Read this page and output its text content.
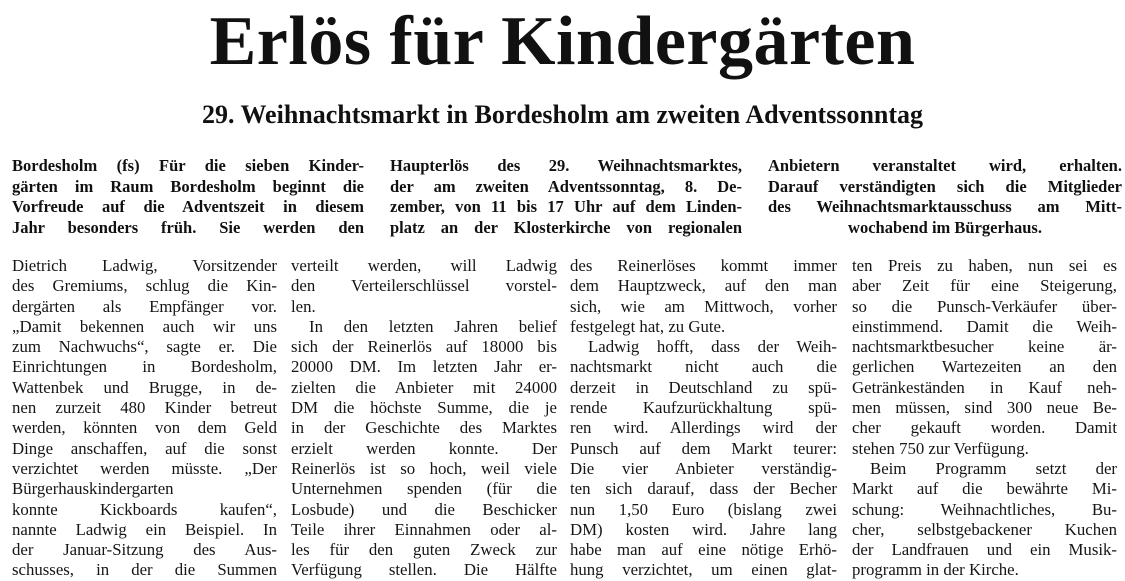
Erlös für Kindergärten
29. Weihnachtsmarkt in Bordesholm am zweiten Adventssonntag
Bordesholm (fs) Für die sieben Kinder-
gärten im Raum Bordesholm beginnt die
Vorfreude auf die Adventszeit in diesem
Jahr besonders früh. Sie werden den
Haupterlös des 29. Weihnachtsmarktes,
der am zweiten Adventssonntag, 8. De-
zember, von 11 bis 17 Uhr auf dem Linden-
platz an der Klosterkirche von regionalen
Anbietern veranstaltet wird, erhalten.
Darauf verständigten sich die Mitglieder
des Weihnachtsmarktausschuss am Mitt-
wochabend im Bürgerhaus.
Dietrich Ladwig, Vorsitzender
des Gremiums, schlug die Kin-
dergärten als Empfänger vor.
„Damit bekennen auch wir uns
zum Nachwuchs“, sagte er. Die
Einrichtungen in Bordesholm,
Wattenbek und Brugge, in de-
nen zurzeit 480 Kinder betreut
werden, könnten von dem Geld
Dinge anschaffen, auf die sonst
verzichtet werden müsste. „Der
Bürgerhauskindergarten
konnte Kickboards kaufen“,
nannte Ladwig ein Beispiel. In
der Januar-Sitzung des Aus-
schusses, in der die Summen
verteilt werden, will Ladwig
den Verteilerschlüssel vorstel-
len.
In den letzten Jahren belief
sich der Reinerlös auf 18000 bis
20000 DM. Im letzten Jahr er-
zielten die Anbieter mit 24000
DM die höchste Summe, die je
in der Geschichte des Marktes
erzielt werden konnte. Der
Reinerlös ist so hoch, weil viele
Unternehmen spenden (für die
Losbude) und die Beschicker
Teile ihrer Einnahmen oder al-
les für den guten Zweck zur
Verfügung stellen. Die Hälfte
des Reinerlöses kommt immer
dem Hauptzweck, auf den man
sich, wie am Mittwoch, vorher
festgelegt hat, zu Gute.
Ladwig hofft, dass der Weih-
nachtsmarkt nicht auch die
derzeit in Deutschland zu spü-
rende Kaufzurückhaltung spü-
ren wird. Allerdings wird der
Punsch auf dem Markt teurer:
Die vier Anbieter verständig-
ten sich darauf, dass der Becher
nun 1,50 Euro (bislang zwei
DM) kosten wird. Jahre lang
habe man auf eine nötige Erhö-
hung verzichtet, um einen glat-
ten Preis zu haben, nun sei es
aber Zeit für eine Steigerung,
so die Punsch-Verkäufer über-
einstimmend. Damit die Weih-
nachtsmarktbesucher keine är-
gerlichen Wartezeiten an den
Getränkeständen in Kauf neh-
men müssen, sind 300 neue Be-
cher gekauft worden. Damit
stehen 750 zur Verfügung.
Beim Programm setzt der
Markt auf die bewährte Mi-
schung: Weihnachtliches, Bu-
cher, selbstgebackener Kuchen
der Landfrauen und ein Musik-
programm in der Kirche.
